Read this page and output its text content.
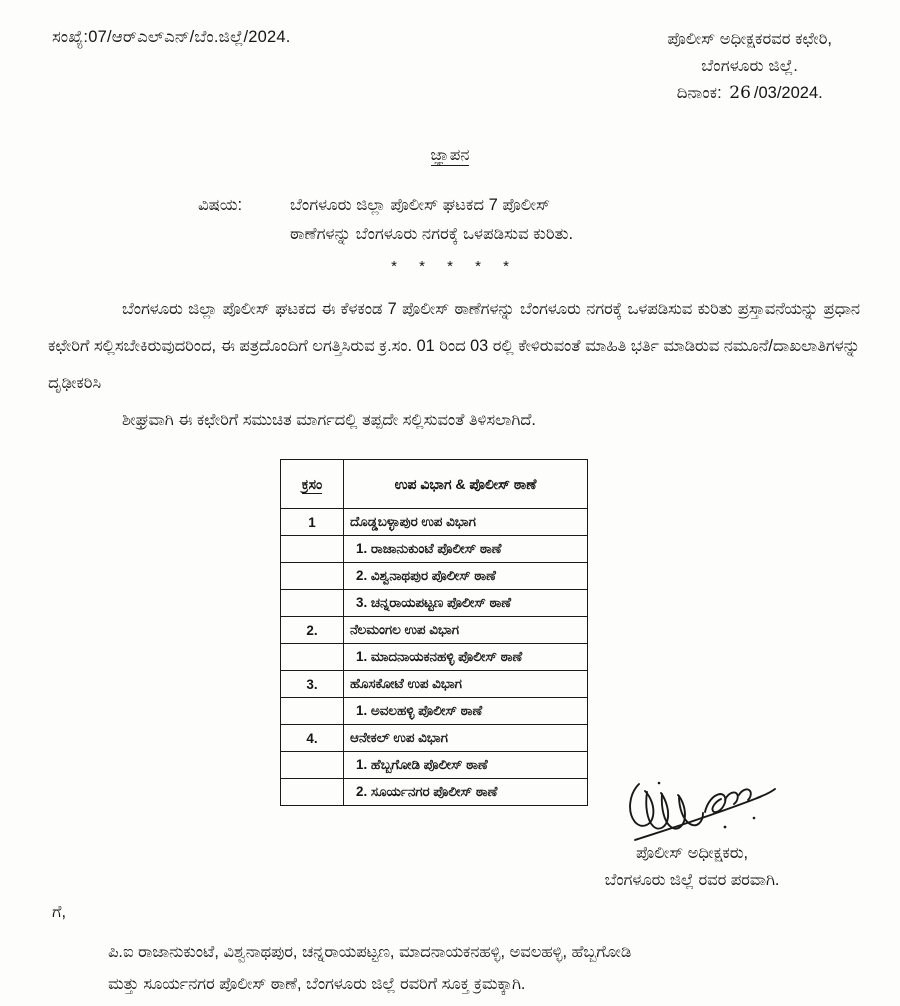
ಸಂಖ್ಯೆ:07/ಆರ್‌ಎಲ್‌ಎನ್‌/ಬೆಂ.ಜಿಲ್ಲೆ/2024.	ಪೊಲೀಸ್ ಅಧೀಕ್ಷಕರವರ ಕಛೇರಿ,
ಬೆಂಗಳೂರು ಜಿಲ್ಲೆ.
ದಿನಾಂಕ: 26 /03/2024.
ಜ್ಞಾಪನ
ವಿಷಯ:	ಬೆಂಗಳೂರು ಜಿಲ್ಲಾ ಪೊಲೀಸ್ ಘಟಕದ 7 ಪೊಲೀಸ್
ಠಾಣೆಗಳನ್ನು ಬೆಂಗಳೂರು ನಗರಕ್ಕೆ ಒಳಪಡಿಸುವ ಕುರಿತು.
* * * * *
ಬೆಂಗಳೂರು ಜಿಲ್ಲಾ ಪೊಲೀಸ್ ಘಟಕದ ಈ ಕೆಳಕಂಡ 7 ಪೊಲೀಸ್ ಠಾಣೆಗಳನ್ನು ಬೆಂಗಳೂರು ನಗರಕ್ಕೆ ಒಳಪಡಿಸುವ ಕುರಿತು ಪ್ರಸ್ತಾವನೆಯನ್ನು ಪ್ರಧಾನ ಕಛೇರಿಗೆ ಸಲ್ಲಿಸಬೇಕಿರುವುದರಿಂದ, ಈ ಪತ್ರದೊಂದಿಗೆ ಲಗತ್ತಿಸಿರುವ ಕ್ರ.ಸಂ. 01 ರಿಂದ 03 ರಲ್ಲಿ ಕೇಳಿರುವಂತೆ ಮಾಹಿತಿ ಭರ್ತಿ ಮಾಡಿರುವ ನಮೂನೆ/ದಾಖಲಾತಿಗಳನ್ನು ದೃಢೀಕರಿಸಿ
ಶೀಘ್ರವಾಗಿ ಈ ಕಛೇರಿಗೆ ಸಮುಚಿತ ಮಾರ್ಗದಲ್ಲಿ ತಪ್ಪದೇ ಸಲ್ಲಿಸುವಂತೆ ತಿಳಿಸಲಾಗಿದೆ.
ಕ್ರಸಂ	ಉಪ ವಿಭಾಗ & ಪೊಲೀಸ್ ಠಾಣೆ
1	ದೊಡ್ಡಬಳ್ಳಾಪುರ ಉಪ ವಿಭಾಗ
	1. ರಾಜಾನುಕುಂಟೆ ಪೊಲೀಸ್ ಠಾಣೆ
	2. ವಿಶ್ವನಾಥಪುರ ಪೊಲೀಸ್ ಠಾಣೆ
	3. ಚನ್ನರಾಯಪಟ್ಟಣ ಪೊಲೀಸ್ ಠಾಣೆ
2.	ನೆಲಮಂಗಲ ಉಪ ವಿಭಾಗ
	1. ಮಾದನಾಯಕನಹಳ್ಳಿ ಪೊಲೀಸ್ ಠಾಣೆ
3.	ಹೊಸಕೋಟೆ ಉಪ ವಿಭಾಗ
	1. ಅವಲಹಳ್ಳಿ ಪೊಲೀಸ್ ಠಾಣೆ
4.	ಆನೇಕಲ್ ಉಪ ವಿಭಾಗ
	1. ಹೆಬ್ಬಗೋಡಿ ಪೊಲೀಸ್ ಠಾಣೆ
	2. ಸೂರ್ಯನಗರ ಪೊಲೀಸ್ ಠಾಣೆ
ಪೊಲೀಸ್ ಅಧೀಕ್ಷಕರು,
ಬೆಂಗಳೂರು ಜಿಲ್ಲೆ ರವರ ಪರವಾಗಿ.
ಗೆ,
ಪಿ.ಐ ರಾಜಾನುಕುಂಟೆ, ವಿಶ್ವನಾಥಪುರ, ಚನ್ನರಾಯಪಟ್ಟಣ, ಮಾದನಾಯಕನಹಳ್ಳಿ, ಅವಲಹಳ್ಳಿ, ಹೆಬ್ಬಗೋಡಿ
ಮತ್ತು ಸೂರ್ಯನಗರ ಪೊಲೀಸ್ ಠಾಣೆ, ಬೆಂಗಳೂರು ಜಿಲ್ಲೆ ರವರಿಗೆ ಸೂಕ್ತ ಕ್ರಮಕ್ಕಾಗಿ.
